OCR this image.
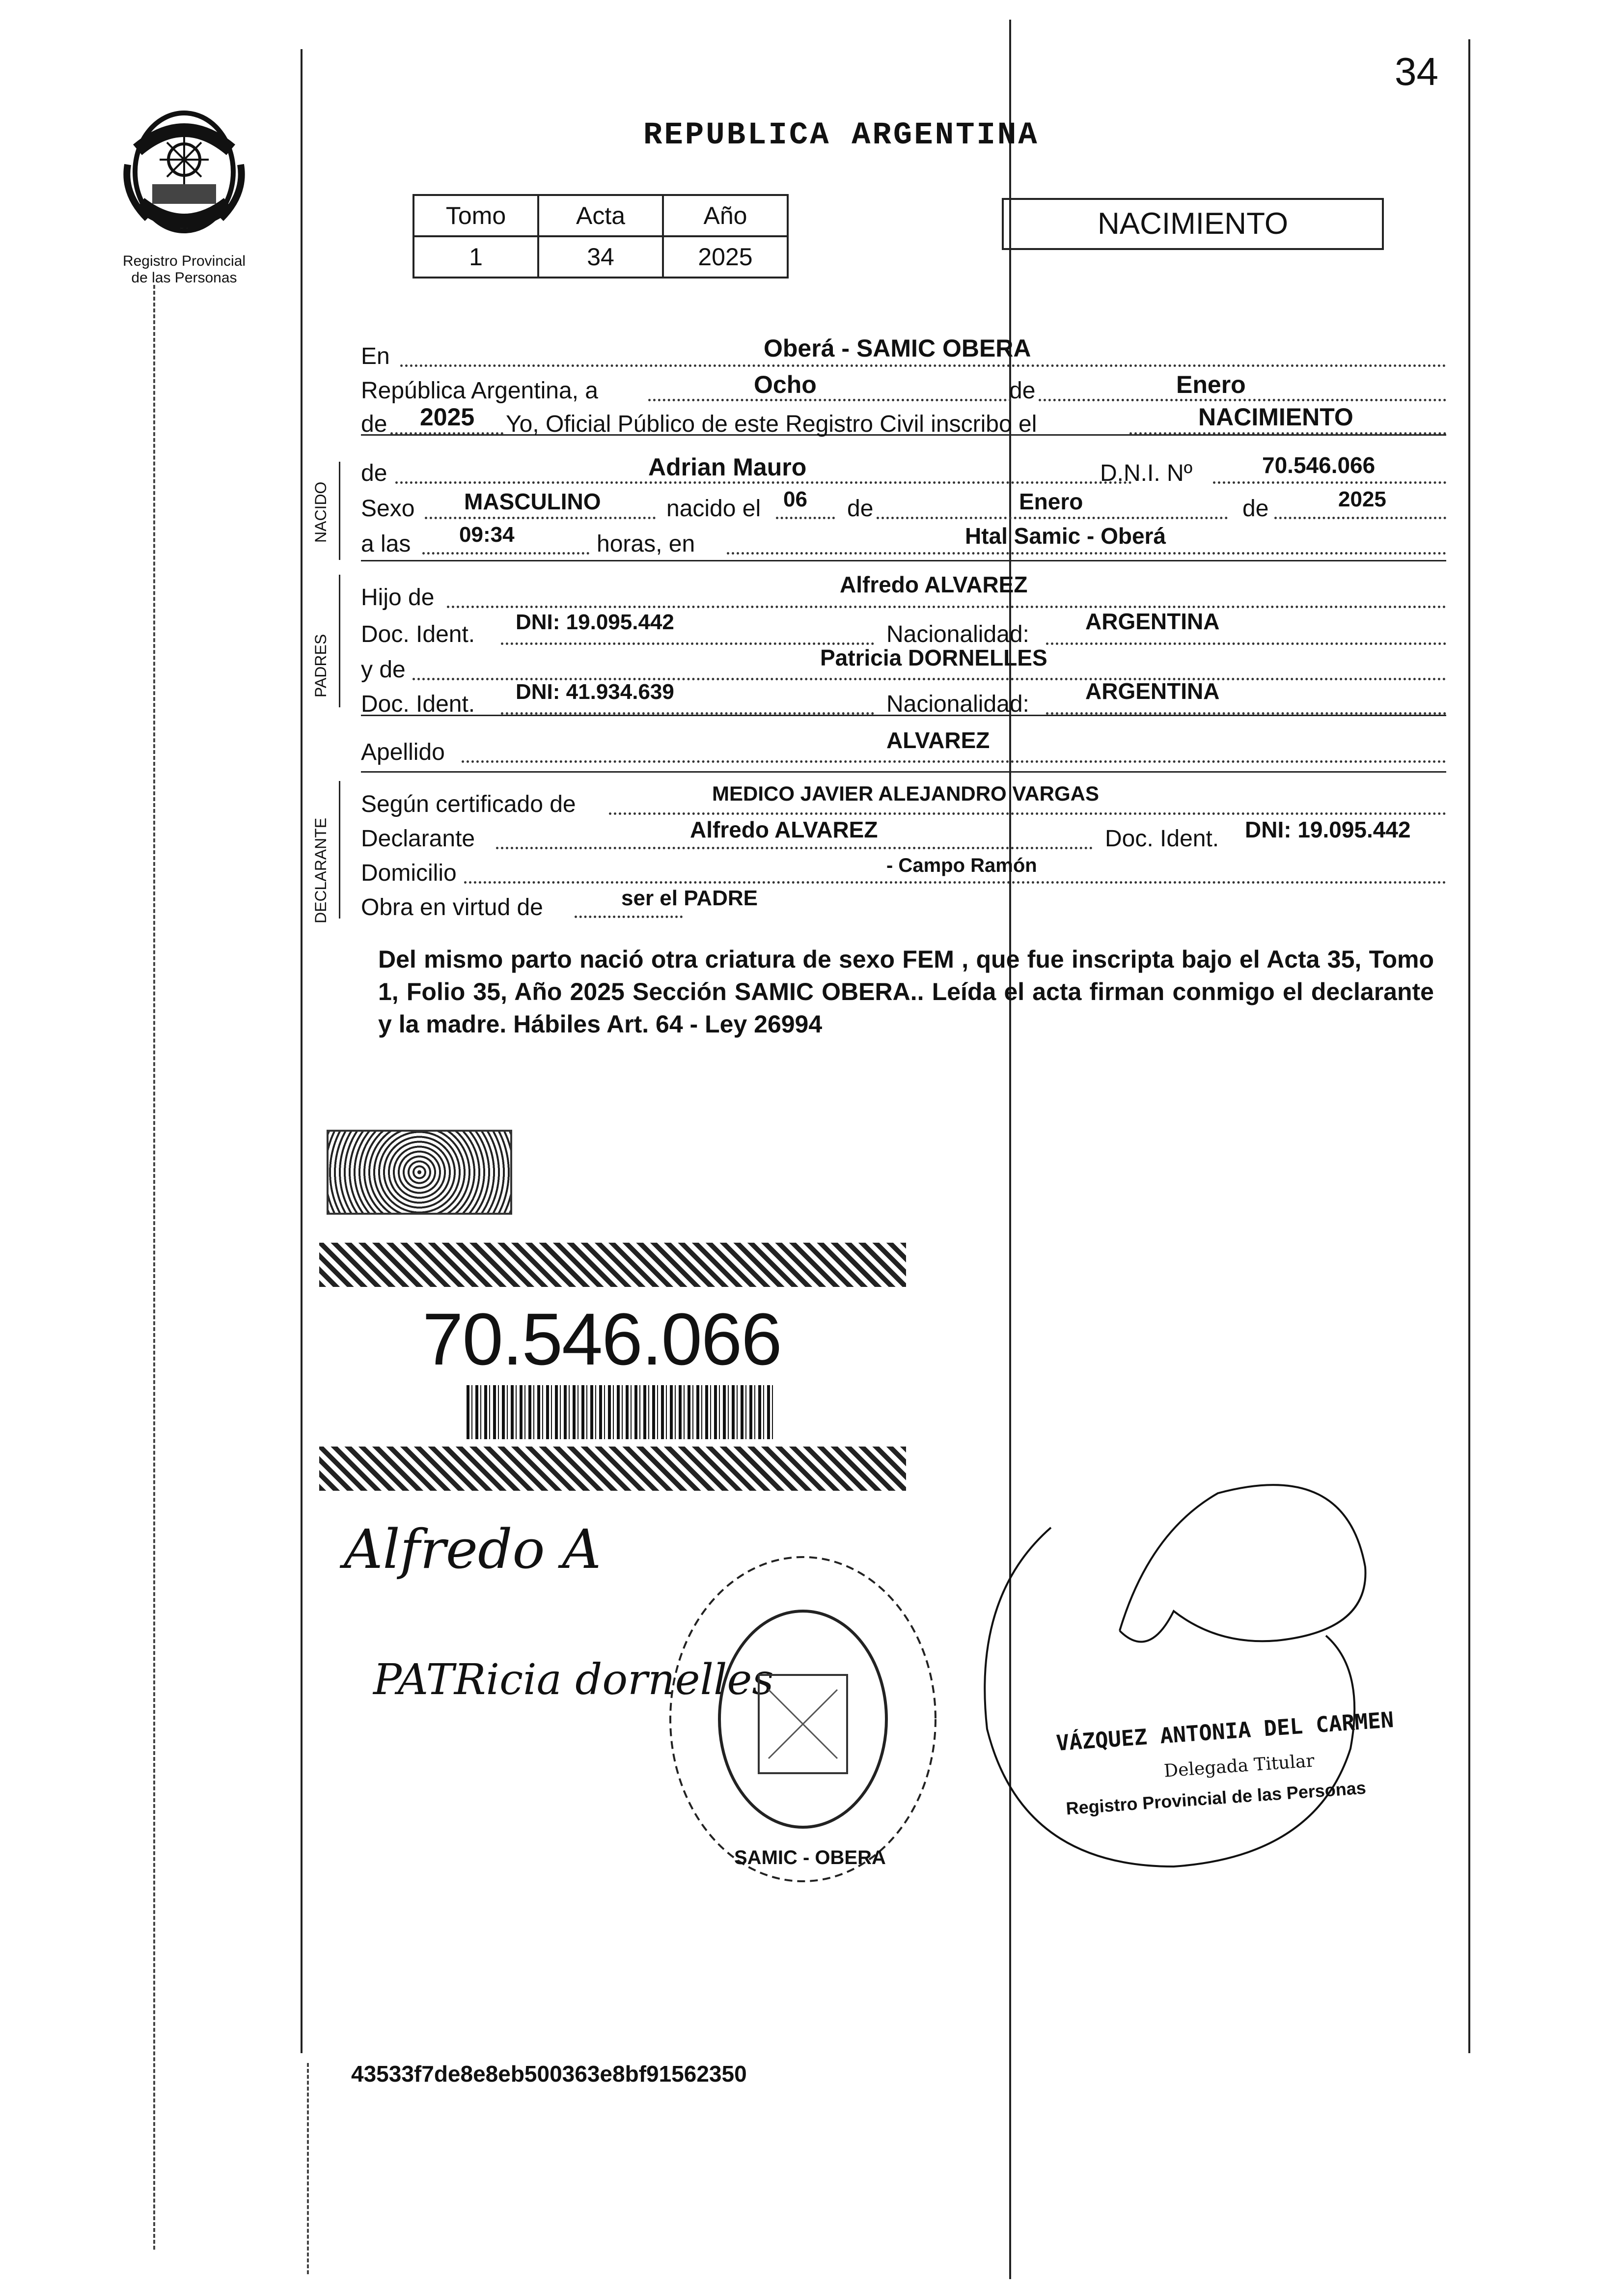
34
Registro Provincial
de las Personas
REPUBLICA ARGENTINA
Tomo	Acta	Año
1	34	2025
NACIMIENTO
NACIDO
PADRES
DECLARANTE
En	Oberá - SAMIC OBERA
República Argentina, a	Ocho	de	Enero
de 2025 Yo, Oficial Público de este Registro Civil inscribo el	NACIMIENTO
de	Adrian Mauro	D.N.I. Nº	70.546.066
Sexo MASCULINO	nacido el 06 de	Enero	de	2025
a las 09:34	horas, en	Htal Samic - Oberá
Hijo de	Alfredo ALVAREZ
Doc. Ident. DNI: 19.095.442	Nacionalidad: ARGENTINA
y de	Patricia DORNELLES
Doc. Ident. DNI: 41.934.639	Nacionalidad: ARGENTINA
Apellido	ALVAREZ
Según certificado de	MEDICO JAVIER ALEJANDRO VARGAS
Declarante	Alfredo ALVAREZ	Doc. Ident. DNI: 19.095.442
Domicilio	- Campo Ramón
Obra en virtud de	ser el PADRE
Del mismo parto nació otra criatura de sexo FEM , que fue inscripta bajo el Acta 35, Tomo 1, Folio 35, Año 2025 Sección SAMIC OBERA.. Leída el acta firman conmigo el declarante y la madre. Hábiles Art. 64 - Ley 26994
70.546.066
Alfredo A
PATRicia dornelles
SAMIC - OBERA
VÁZQUEZ ANTONIA DEL CARMEN
Delegada Titular
Registro Provincial de las Personas
43533f7de8e8eb500363e8bf91562350
